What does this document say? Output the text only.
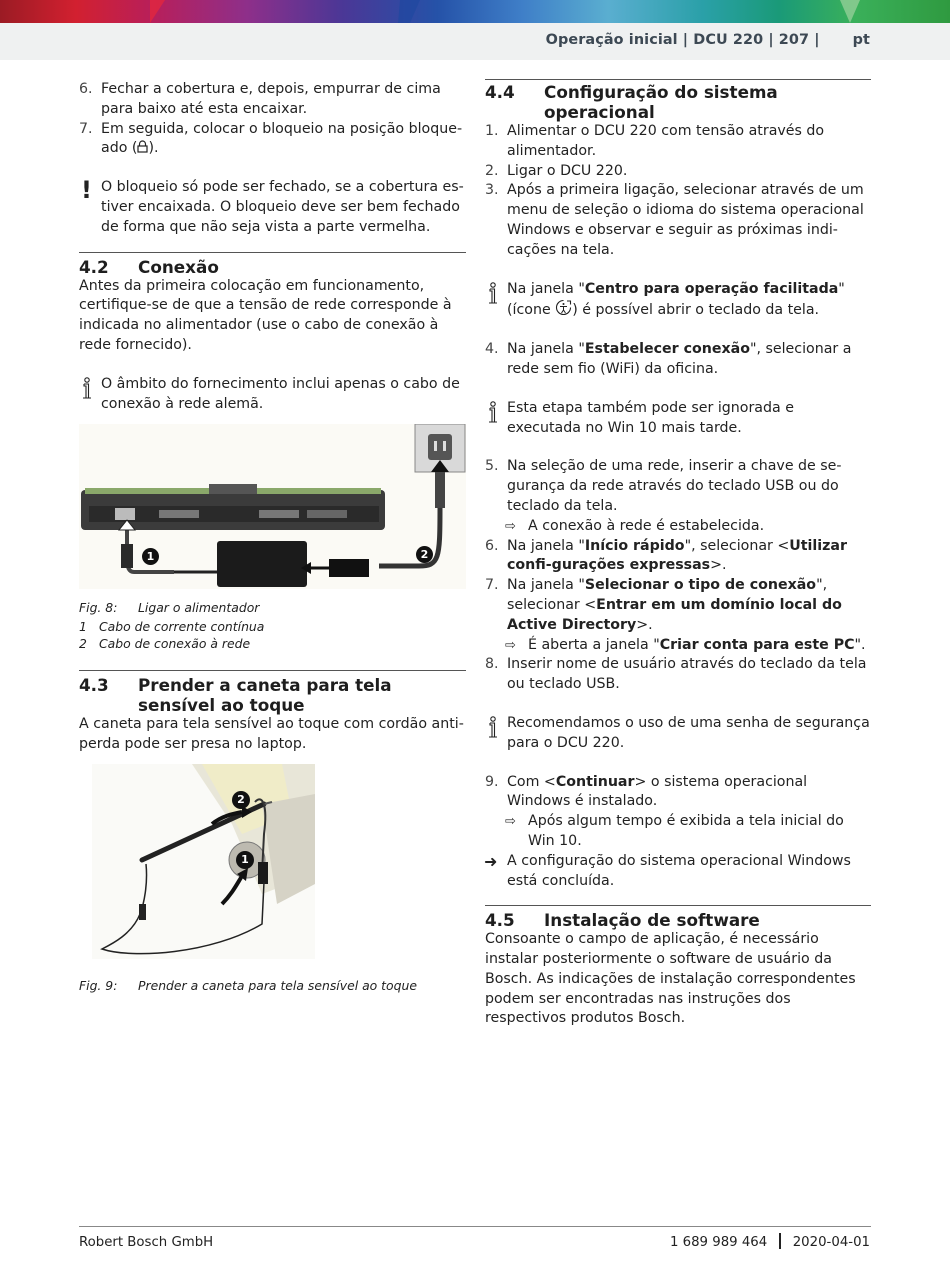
Operação inicial | DCU 220 | 207 | pt
6. Fechar a cobertura e, depois, empurrar de cima para baixo até esta encaixar.
7. Em seguida, colocar o bloqueio na posição bloque-ado ( ).
! O bloqueio só pode ser fechado, se a cobertura es-tiver encaixada. O bloqueio deve ser bem fechado de forma que não seja vista a parte vermelha.
4.2 Conexão
Antes da primeira colocação em funcionamento, certifique-se de que a tensão de rede corresponde à indicada no alimentador (use o cabo de conexão à rede fornecido).
O âmbito do fornecimento inclui apenas o cabo de conexão à rede alemã.
1	2
Fig. 8: Ligar o alimentador
1 Cabo de corrente contínua
2 Cabo de conexão à rede
4.3 Prender a caneta para tela sensível ao toque
A caneta para tela sensível ao toque com cordão anti-perda pode ser presa no laptop.
2
1
Fig. 9: Prender a caneta para tela sensível ao toque
4.4 Configuração do sistema operacional
1. Alimentar o DCU 220 com tensão através do alimentador.
2. Ligar o DCU 220.
3. Após a primeira ligação, selecionar através de um menu de seleção o idioma do sistema operacional Windows e observar e seguir as próximas indi-cações na tela.
Na janela "Centro para operação facilitada" (ícone ) é possível abrir o teclado da tela.
4. Na janela "Estabelecer conexão", selecionar a rede sem fio (WiFi) da oficina.
Esta etapa também pode ser ignorada e executada no Win 10 mais tarde.
5. Na seleção de uma rede, inserir a chave de se-gurança da rede através do teclado USB ou do teclado da tela.
⇨ A conexão à rede é estabelecida.
6. Na janela "Início rápido", selecionar <Utilizar confi-gurações expressas>.
7. Na janela "Selecionar o tipo de conexão", selecionar <Entrar em um domínio local do Active Directory>.
⇨ É aberta a janela "Criar conta para este PC".
8. Inserir nome de usuário através do teclado da tela ou teclado USB.
Recomendamos o uso de uma senha de segurança para o DCU 220.
9. Com <Continuar> o sistema operacional Windows é instalado.
⇨ Após algum tempo é exibida a tela inicial do Win 10.
➜ A configuração do sistema operacional Windows está concluída.
4.5 Instalação de software
Consoante o campo de aplicação, é necessário instalar posteriormente o software de usuário da Bosch. As indicações de instalação correspondentes podem ser encontradas nas instruções dos respectivos produtos Bosch.
Robert Bosch GmbH	1 689 989 464 2020-04-01
